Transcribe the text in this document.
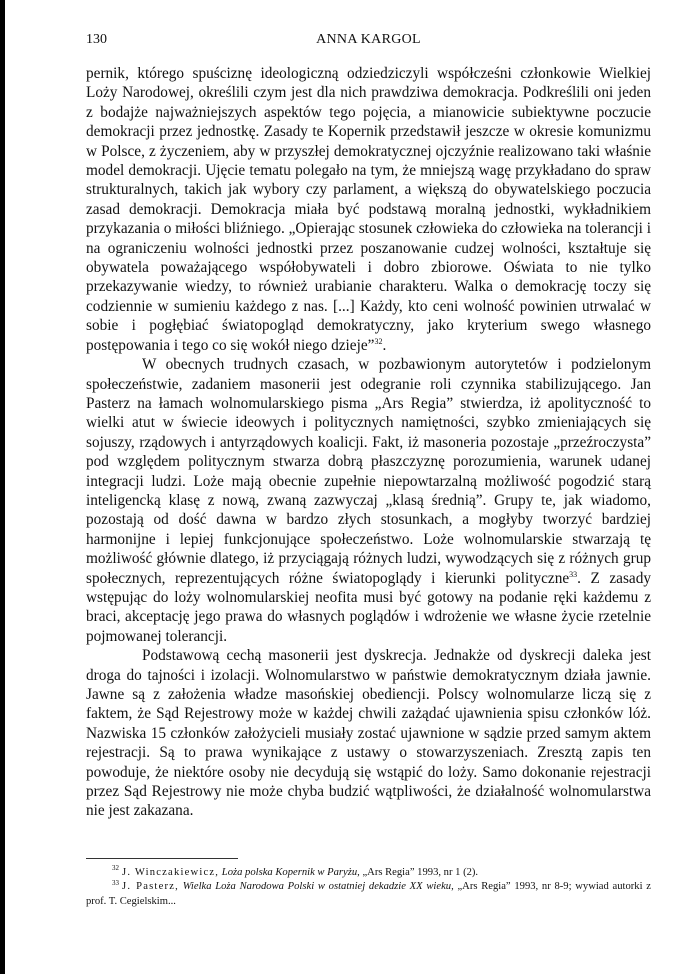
130	ANNA KARGOL

pernik, którego spuściznę ideologiczną odziedziczyli współcześni członkowie Wielkiej Loży Narodowej, określili czym jest dla nich prawdziwa demokracja. Podkreślili oni jeden z bodajże najważniejszych aspektów tego pojęcia, a mianowicie subiektywne poczucie demokracji przez jednostkę. Zasady te Kopernik przedstawił jeszcze w okresie komunizmu w Polsce, z życzeniem, aby w przyszłej demokratycznej ojczyźnie realizowano taki właśnie model demokracji. Ujęcie tematu polegało na tym, że mniejszą wagę przykładano do spraw strukturalnych, takich jak wybory czy parlament, a większą do obywatelskiego poczucia zasad demokracji. Demokracja miała być podstawą moralną jednostki, wykładnikiem przykazania o miłości bliźniego. „Opierając stosunek człowieka do człowieka na tolerancji i na ograniczeniu wolności jednostki przez poszanowanie cudzej wolności, kształtuje się obywatela poważającego współobywateli i dobro zbiorowe. Oświata to nie tylko przekazywanie wiedzy, to również urabianie charakteru. Walka o demokrację toczy się codziennie w sumieniu każdego z nas. [...] Każdy, kto ceni wolność powinien utrwalać w sobie i pogłębiać światopogląd demokratyczny, jako kryterium swego własnego postępowania i tego co się wokół niego dzieje”$^{32}$.

W obecnych trudnych czasach, w pozbawionym autorytetów i podzielonym społeczeństwie, zadaniem masonerii jest odegranie roli czynnika stabilizującego. Jan Pasterz na łamach wolnomularskiego pisma „Ars Regia” stwierdza, iż apolityczność to wielki atut w świecie ideowych i politycznych namiętności, szybko zmieniających się sojuszy, rządowych i antyrządowych koalicji. Fakt, iż masoneria pozostaje „przeźroczysta” pod względem politycznym stwarza dobrą płaszczyznę porozumienia, warunek udanej integracji ludzi. Loże mają obecnie zupełnie niepowtarzalną możliwość pogodzić starą inteligencką klasę z nową, zwaną zazwyczaj „klasą średnią”. Grupy te, jak wiadomo, pozostają od dość dawna w bardzo złych stosunkach, a mogłyby tworzyć bardziej harmonijne i lepiej funkcjonujące społeczeństwo. Loże wolnomularskie stwarzają tę możliwość głównie dlatego, iż przyciągają różnych ludzi, wywodzących się z różnych grup społecznych, reprezentujących różne światopoglądy i kierunki polityczne$^{33}$. Z zasady wstępując do loży wolnomularskiej neofita musi być gotowy na podanie ręki każdemu z braci, akceptację jego prawa do własnych poglądów i wdrożenie we własne życie rzetelnie pojmowanej tolerancji.

Podstawową cechą masonerii jest dyskrecja. Jednakże od dyskrecji daleka jest droga do tajności i izolacji. Wolnomularstwo w państwie demokratycznym działa jawnie. Jawne są z założenia władze masońskiej obediencji. Polscy wolnomularze liczą się z faktem, że Sąd Rejestrowy może w każdej chwili zażądać ujawnienia spisu członków lóż. Nazwiska 15 członków założycieli musiały zostać ujawnione w sądzie przed samym aktem rejestracji. Są to prawa wynikające z ustawy o stowarzyszeniach. Zresztą zapis ten powoduje, że niektóre osoby nie decydują się wstąpić do loży. Samo dokonanie rejestracji przez Sąd Rejestrowy nie może chyba budzić wątpliwości, że działalność wolnomularstwa nie jest zakazana.

$^{32}$ J. Winczakiewicz, Loża polska Kopernik w Paryżu, „Ars Regia” 1993, nr 1 (2).

$^{33}$ J. Pasterz, Wielka Loża Narodowa Polski w ostatniej dekadzie XX wieku, „Ars Regia” 1993, nr 8-9; wywiad autorki z prof. T. Cegielskim...
